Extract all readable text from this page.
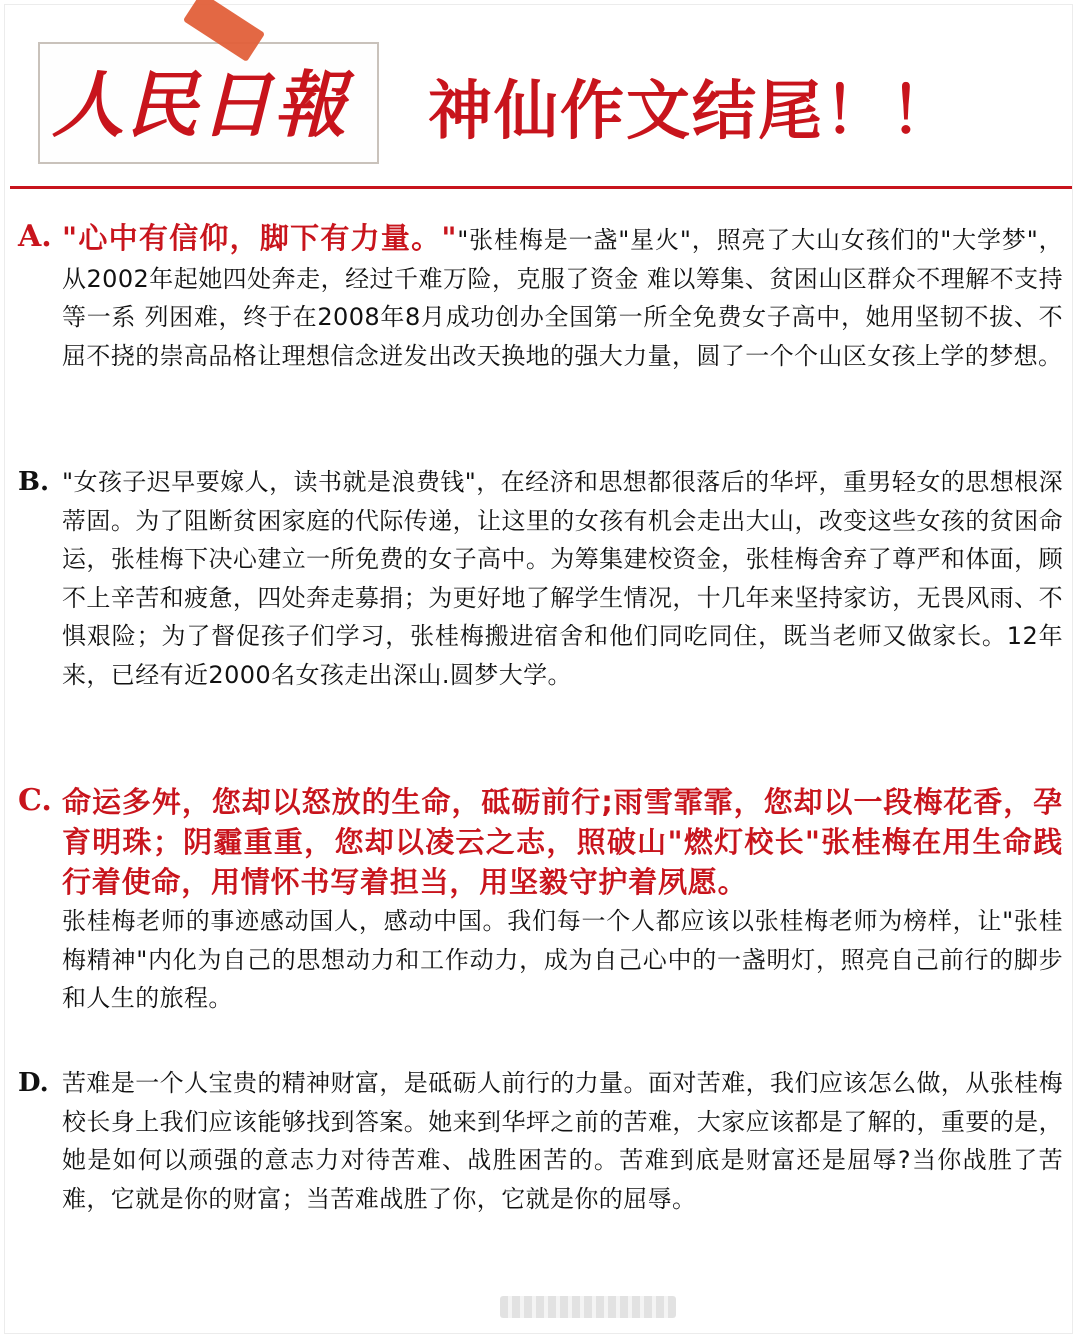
人民日報 神仙作文结尾！！
A. "心中有信仰，脚下有力量。""张桂梅是一盏"星火"，照亮了大山女孩们的"大学梦"，从2002年起她四处奔走，经过千难万险，克服了资金 难以筹集、贫困山区群众不理解不支持等一系 列困难，终于在2008年8月成功创办全国第一所全免费女子高中，她用坚韧不拔、不屈不挠的崇高品格让理想信念迸发出改天换地的强大力量，圆了一个个山区女孩上学的梦想。
B. "女孩子迟早要嫁人，读书就是浪费钱"，在经济和思想都很落后的华坪，重男轻女的思想根深蒂固。为了阻断贫困家庭的代际传递，让这里的女孩有机会走出大山，改变这些女孩的贫困命运，张桂梅下决心建立一所免费的女子高中。为筹集建校资金，张桂梅舍弃了尊严和体面，顾不上辛苦和疲惫，四处奔走募捐；为更好地了解学生情况，十几年来坚持家访，无畏风雨、不惧艰险；为了督促孩子们学习，张桂梅搬进宿舍和他们同吃同住，既当老师又做家长。12年来，已经有近2000名女孩走出深山.圆梦大学。
C. 命运多舛，您却以怒放的生命，砥砺前行;雨雪霏霏，您却以一段梅花香，孕育明珠；阴霾重重，您却以凌云之志，照破山"燃灯校长"张桂梅在用生命践行着使命，用情怀书写着担当，用坚毅守护着夙愿。
张桂梅老师的事迹感动国人，感动中国。我们每一个人都应该以张桂梅老师为榜样，让"张桂梅精神"内化为自己的思想动力和工作动力，成为自己心中的一盏明灯，照亮自己前行的脚步和人生的旅程。
D. 苦难是一个人宝贵的精神财富，是砥砺人前行的力量。面对苦难，我们应该怎么做，从张桂梅校长身上我们应该能够找到答案。她来到华坪之前的苦难，大家应该都是了解的，重要的是，她是如何以顽强的意志力对待苦难、战胜困苦的。苦难到底是财富还是屈辱?当你战胜了苦难，它就是你的财富；当苦难战胜了你，它就是你的屈辱。
